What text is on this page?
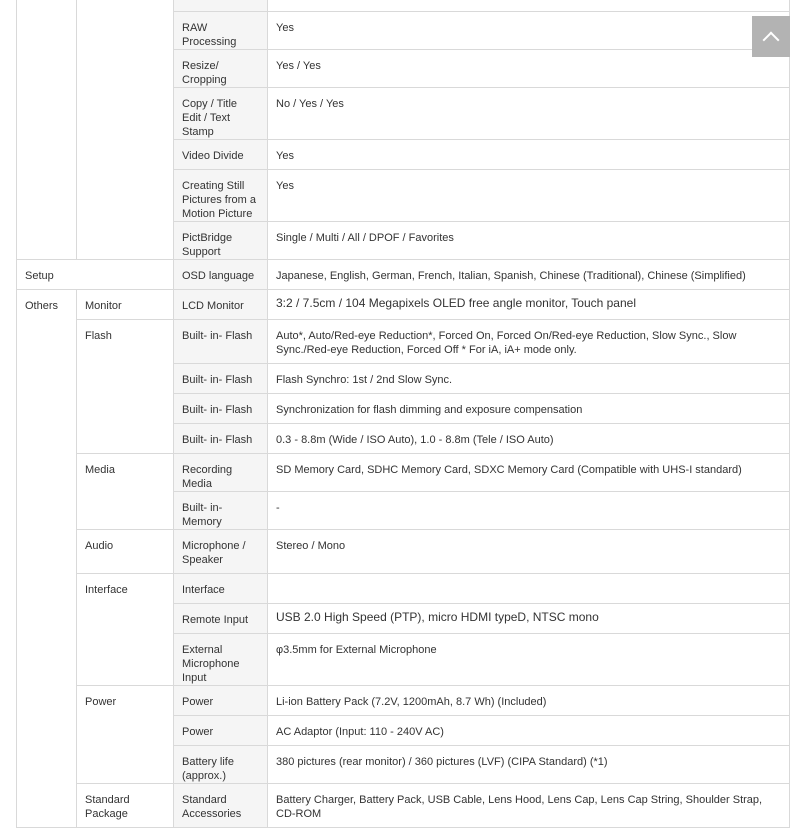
		RAW Processing	Yes
		Resize/ Cropping	Yes / Yes
		Copy / Title Edit / Text Stamp	No / Yes / Yes
		Video Divide	Yes
		Creating Still Pictures from a Motion Picture	Yes
		PictBridge Support	Single / Multi / All / DPOF / Favorites
Setup		OSD language	Japanese, English, German, French, Italian, Spanish, Chinese (Traditional), Chinese (Simplified)
Others	Monitor	LCD Monitor	3:2 / 7.5cm / 104 Megapixels OLED free angle monitor, Touch panel
	Flash	Built- in- Flash	Auto*, Auto/Red-eye Reduction*, Forced On, Forced On/Red-eye Reduction, Slow Sync., Slow Sync./Red-eye Reduction, Forced Off * For iA, iA+ mode only.
		Built- in- Flash	Flash Synchro: 1st / 2nd Slow Sync.
		Built- in- Flash	Synchronization for flash dimming and exposure compensation
		Built- in- Flash	0.3 - 8.8m (Wide / ISO Auto), 1.0 - 8.8m (Tele / ISO Auto)
	Media	Recording Media	SD Memory Card, SDHC Memory Card, SDXC Memory Card (Compatible with UHS-I standard)
		Built- in- Memory	-
	Audio	Microphone / Speaker	Stereo / Mono
	Interface	Interface	
		Remote Input	USB 2.0 High Speed (PTP), micro HDMI typeD, NTSC mono
		External Microphone Input	φ3.5mm for External Microphone
	Power	Power	Li-ion Battery Pack (7.2V, 1200mAh, 8.7 Wh) (Included)
		Power	AC Adaptor (Input: 110 - 240V AC)
		Battery life (approx.)	380 pictures (rear monitor) / 360 pictures (LVF) (CIPA Standard) (*1)
	Standard Package	Standard Accessories	Battery Charger, Battery Pack, USB Cable, Lens Hood, Lens Cap, Lens Cap String, Shoulder Strap, CD-ROM
